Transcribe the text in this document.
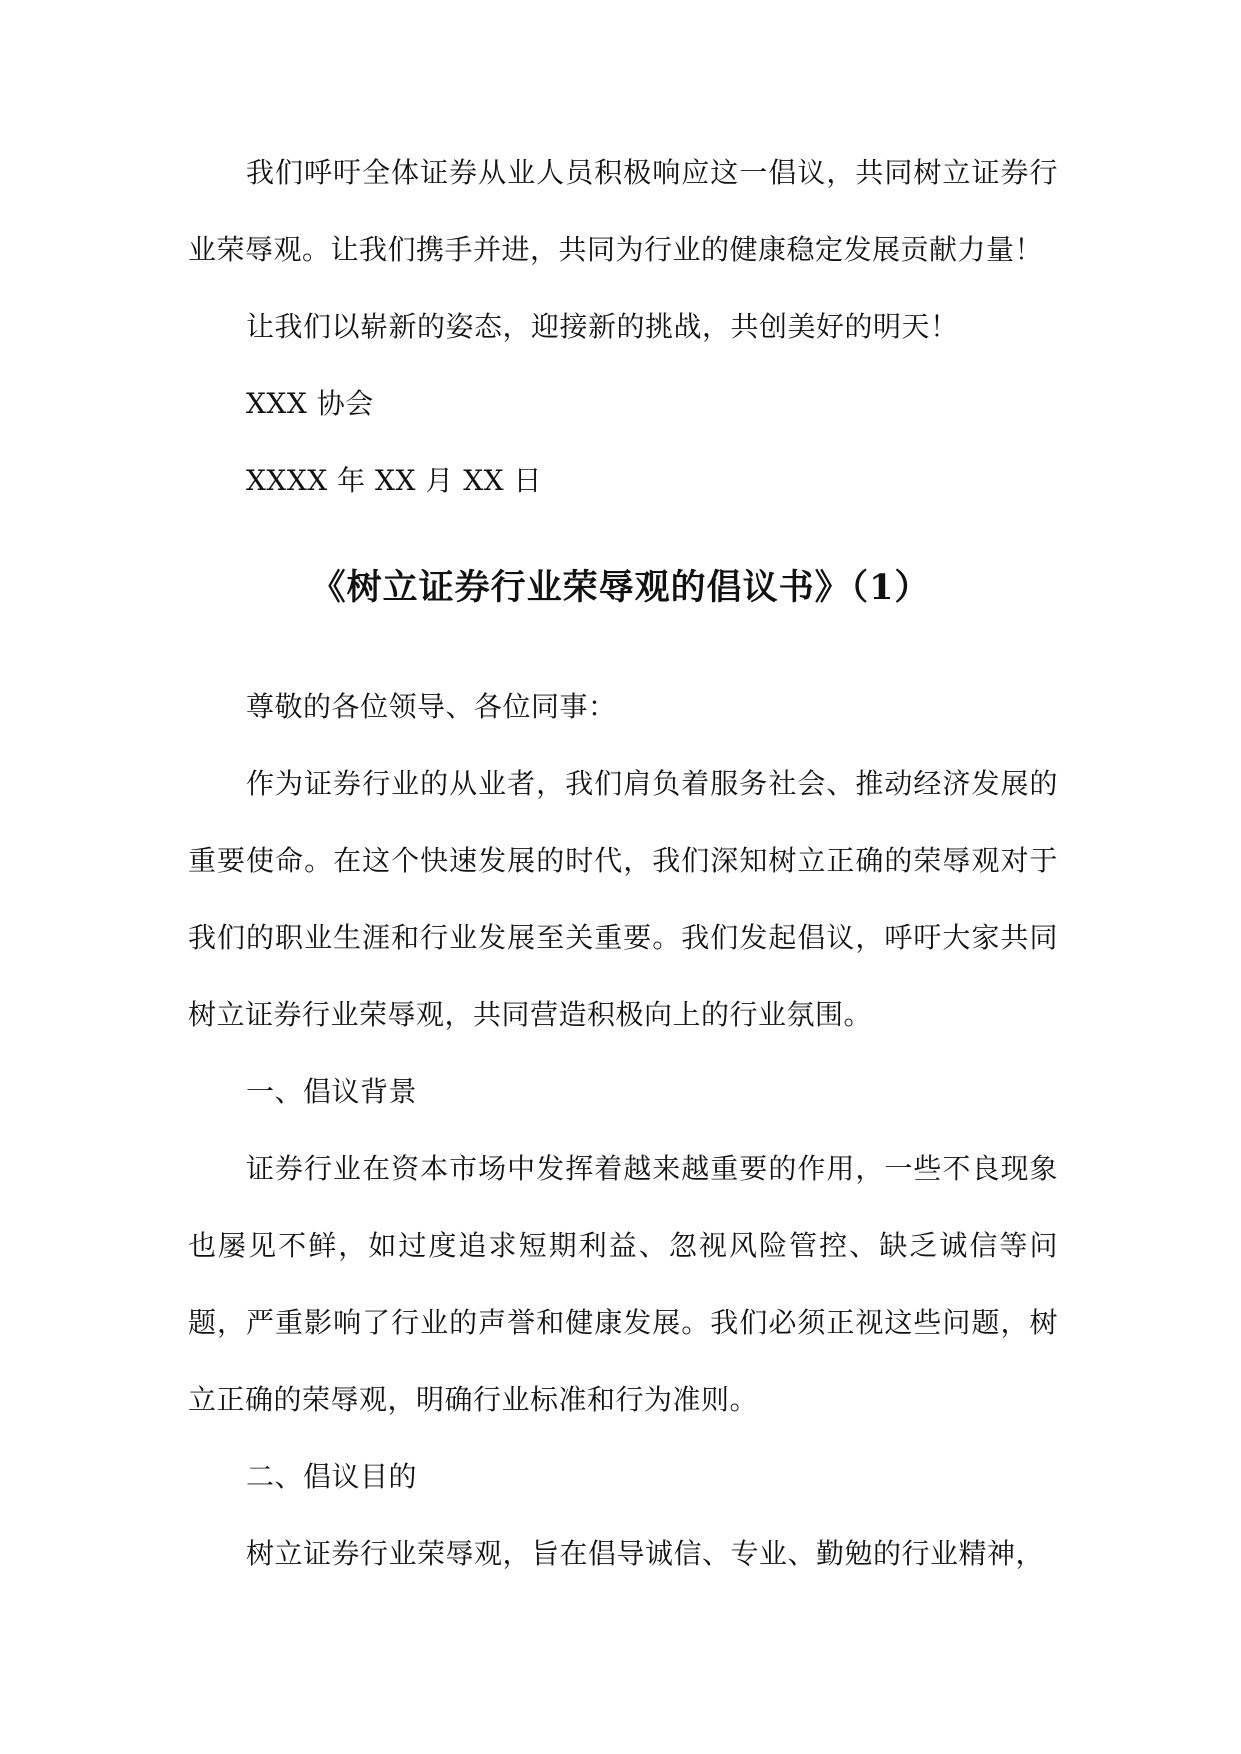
我们呼吁全体证券从业人员积极响应这一倡议，共同树立证券行业荣辱观。让我们携手并进，共同为行业的健康稳定发展贡献力量！

让我们以崭新的姿态，迎接新的挑战，共创美好的明天！

XXX 协会

XXXX 年 XX 月 XX 日

《树立证券行业荣辱观的倡议书》（1）

尊敬的各位领导、各位同事：

作为证券行业的从业者，我们肩负着服务社会、推动经济发展的重要使命。在这个快速发展的时代，我们深知树立正确的荣辱观对于我们的职业生涯和行业发展至关重要。我们发起倡议，呼吁大家共同树立证券行业荣辱观，共同营造积极向上的行业氛围。

一、倡议背景

证券行业在资本市场中发挥着越来越重要的作用，一些不良现象也屡见不鲜，如过度追求短期利益、忽视风险管控、缺乏诚信等问题，严重影响了行业的声誉和健康发展。我们必须正视这些问题，树立正确的荣辱观，明确行业标准和行为准则。

二、倡议目的

树立证券行业荣辱观，旨在倡导诚信、专业、勤勉的行业精神，
